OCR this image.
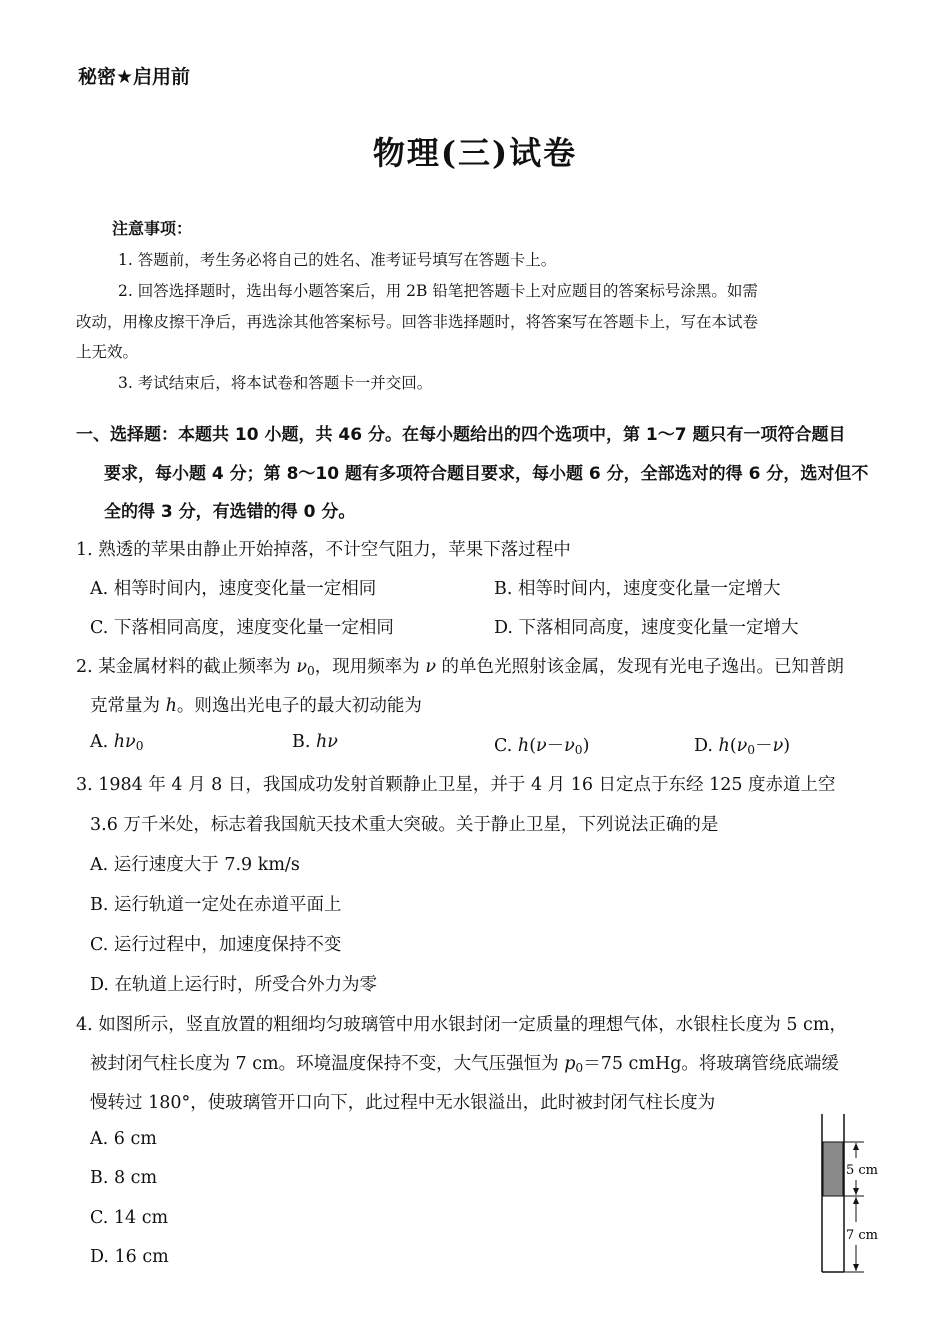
秘密★启用前
物理(三)试卷
注意事项：
1. 答题前，考生务必将自己的姓名、准考证号填写在答题卡上。
2. 回答选择题时，选出每小题答案后，用 2B 铅笔把答题卡上对应题目的答案标号涂黑。如需
改动，用橡皮擦干净后，再选涂其他答案标号。回答非选择题时，将答案写在答题卡上，写在本试卷
上无效。
3. 考试结束后，将本试卷和答题卡一并交回。
一、选择题：本题共 10 小题，共 46 分。在每小题给出的四个选项中，第 1～7 题只有一项符合题目
要求，每小题 4 分；第 8～10 题有多项符合题目要求，每小题 6 分，全部选对的得 6 分，选对但不
全的得 3 分，有选错的得 0 分。
1. 熟透的苹果由静止开始掉落，不计空气阻力，苹果下落过程中
A. 相等时间内，速度变化量一定相同	B. 相等时间内，速度变化量一定增大
C. 下落相同高度，速度变化量一定相同	D. 下落相同高度，速度变化量一定增大
2. 某金属材料的截止频率为 $\nu_0$，现用频率为 ν 的单色光照射该金属，发现有光电子逸出。已知普朗
克常量为 h。则逸出光电子的最大初动能为
A. $h\nu_0$	B. hν	C. $h(\nu-\nu_0)$	D. $h(\nu_0-\nu)$
3. 1984 年 4 月 8 日，我国成功发射首颗静止卫星，并于 4 月 16 日定点于东经 125 度赤道上空
3.6 万千米处，标志着我国航天技术重大突破。关于静止卫星，下列说法正确的是
A. 运行速度大于 7.9 km/s
B. 运行轨道一定处在赤道平面上
C. 运行过程中，加速度保持不变
D. 在轨道上运行时，所受合外力为零
4. 如图所示，竖直放置的粗细均匀玻璃管中用水银封闭一定质量的理想气体，水银柱长度为 5 cm，
被封闭气柱长度为 7 cm。环境温度保持不变，大气压强恒为 $p_0=75$ cmHg。将玻璃管绕底端缓
慢转过 180°，使玻璃管开口向下，此过程中无水银溢出，此时被封闭气柱长度为
A. 6 cm
B. 8 cm
C. 14 cm
D. 16 cm
5 cm
7 cm
